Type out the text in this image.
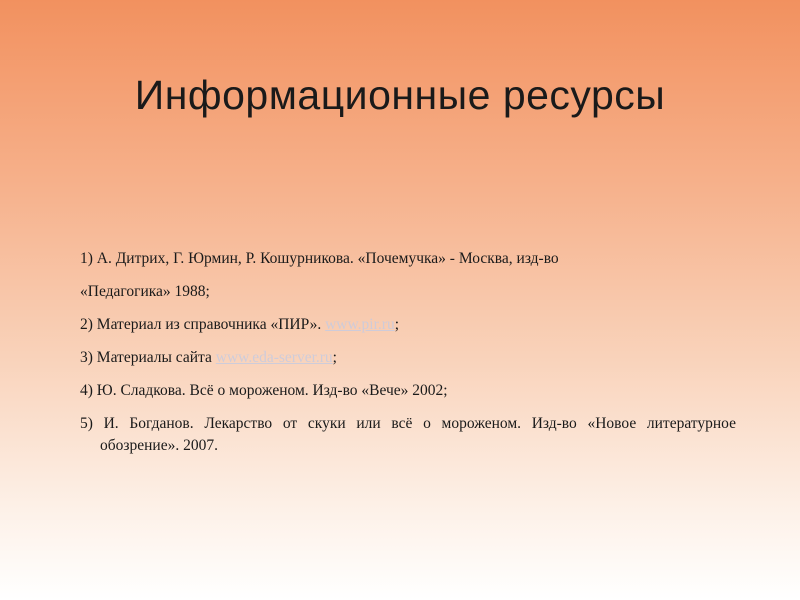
Информационные ресурсы

1) А. Дитрих, Г. Юрмин, Р. Кошурникова. «Почемучка» - Москва, изд-во

«Педагогика» 1988;

2) Материал из справочника «ПИР». www.pir.ru;

3) Материалы сайта www.eda-server.ru;

4) Ю. Сладкова. Всё о мороженом. Изд-во «Вече» 2002;

5) И. Богданов. Лекарство от скуки или всё о мороженом. Изд-во «Новое литературное обозрение». 2007.
